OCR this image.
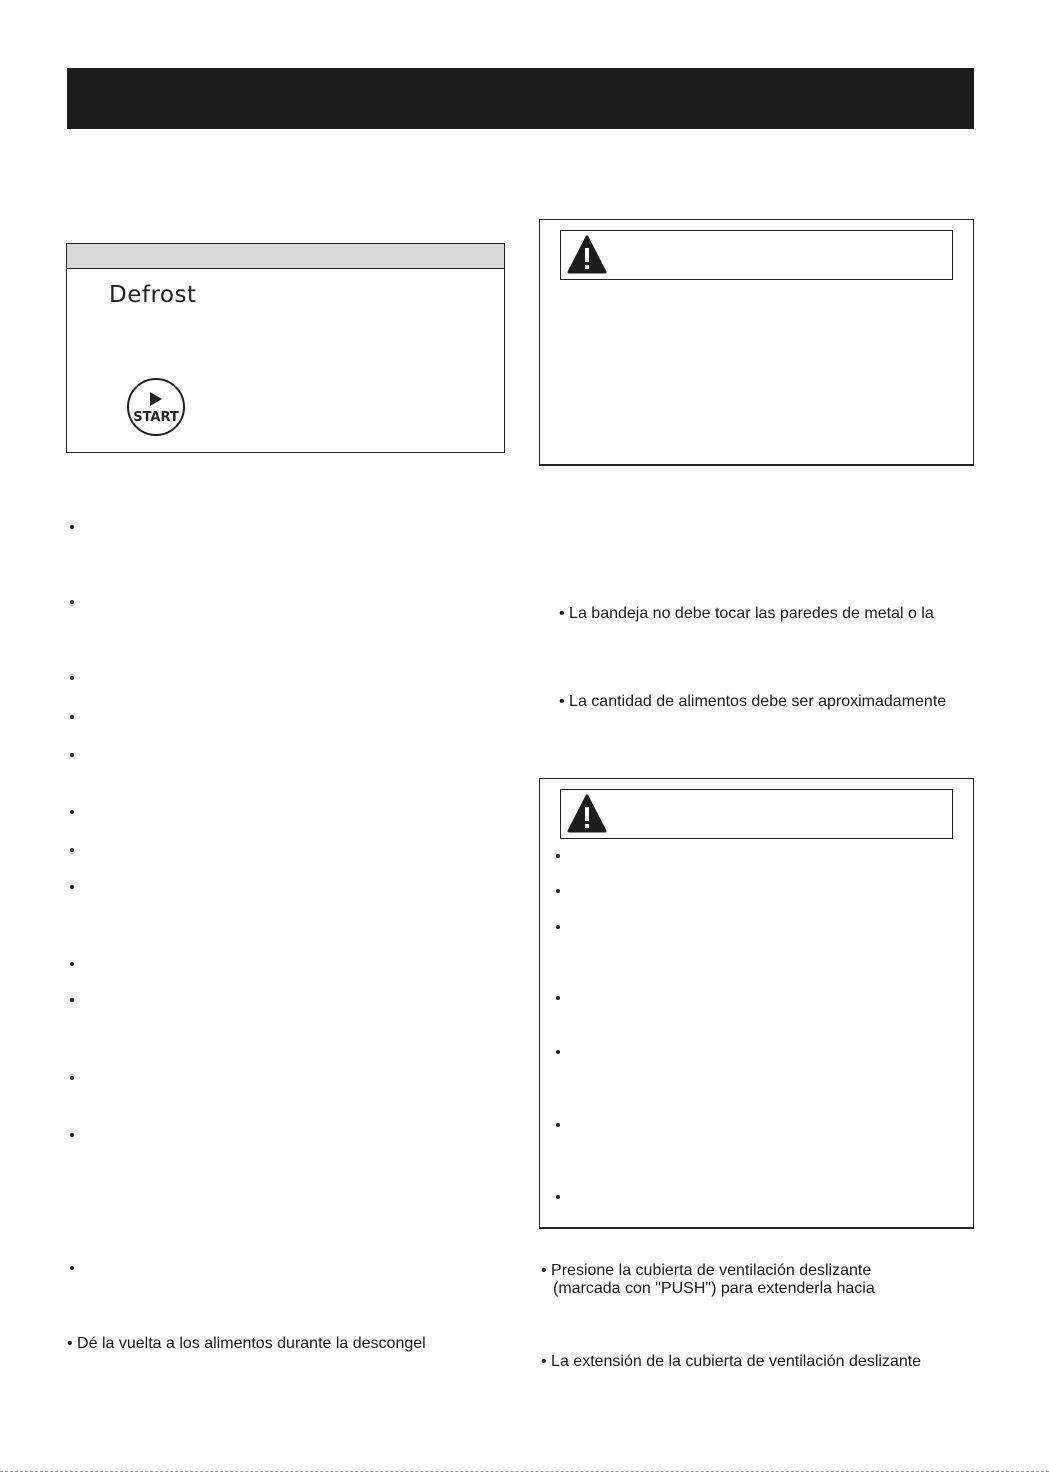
Defrost
START
• La bandeja no debe tocar las paredes de metal o la
• La cantidad de alimentos debe ser aproximadamente
• Presione la cubierta de ventilación deslizante
(marcada con "PUSH") para extenderla hacia
• La extensión de la cubierta de ventilación deslizante
• Dé la vuelta a los alimentos durante la descongel
